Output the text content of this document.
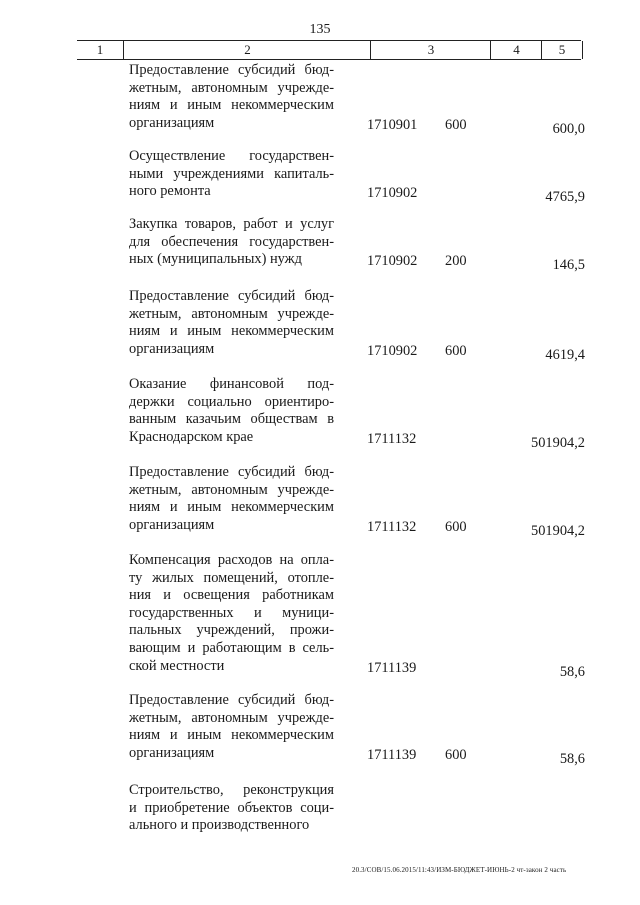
135
1	2	3	4	5
Предоставление субсидий бюд-
жетным, автономным учрежде-
ниям и иным некоммерческим
организациям	1710901 600	600,0
Осуществление государствен-
ными учреждениями капиталь-
ного ремонта	1710902	4765,9
Закупка товаров, работ и услуг
для обеспечения государствен-
ных (муниципальных) нужд	1710902 200	146,5
Предоставление субсидий бюд-
жетным, автономным учрежде-
ниям и иным некоммерческим
организациям	1710902 600	4619,4
Оказание финансовой под-
держки социально ориентиро-
ванным казачьим обществам в
Краснодарском крае	1711132	501904,2
Предоставление субсидий бюд-
жетным, автономным учрежде-
ниям и иным некоммерческим
организациям	1711132 600	501904,2
Компенсация расходов на опла-
ту жилых помещений, отопле-
ния и освещения работникам
государственных и муници-
пальных учреждений, прожи-
вающим и работающим в сель-
ской местности	1711139	58,6
Предоставление субсидий бюд-
жетным, автономным учрежде-
ниям и иным некоммерческим
организациям	1711139 600	58,6
Строительство, реконструкция
и приобретение объектов соци-
ального и производственного
20.3/СОВ/15.06.2015/11:43/ИЗМ-БЮДЖЕТ-ИЮНЬ-2 чт-закон 2 часть
